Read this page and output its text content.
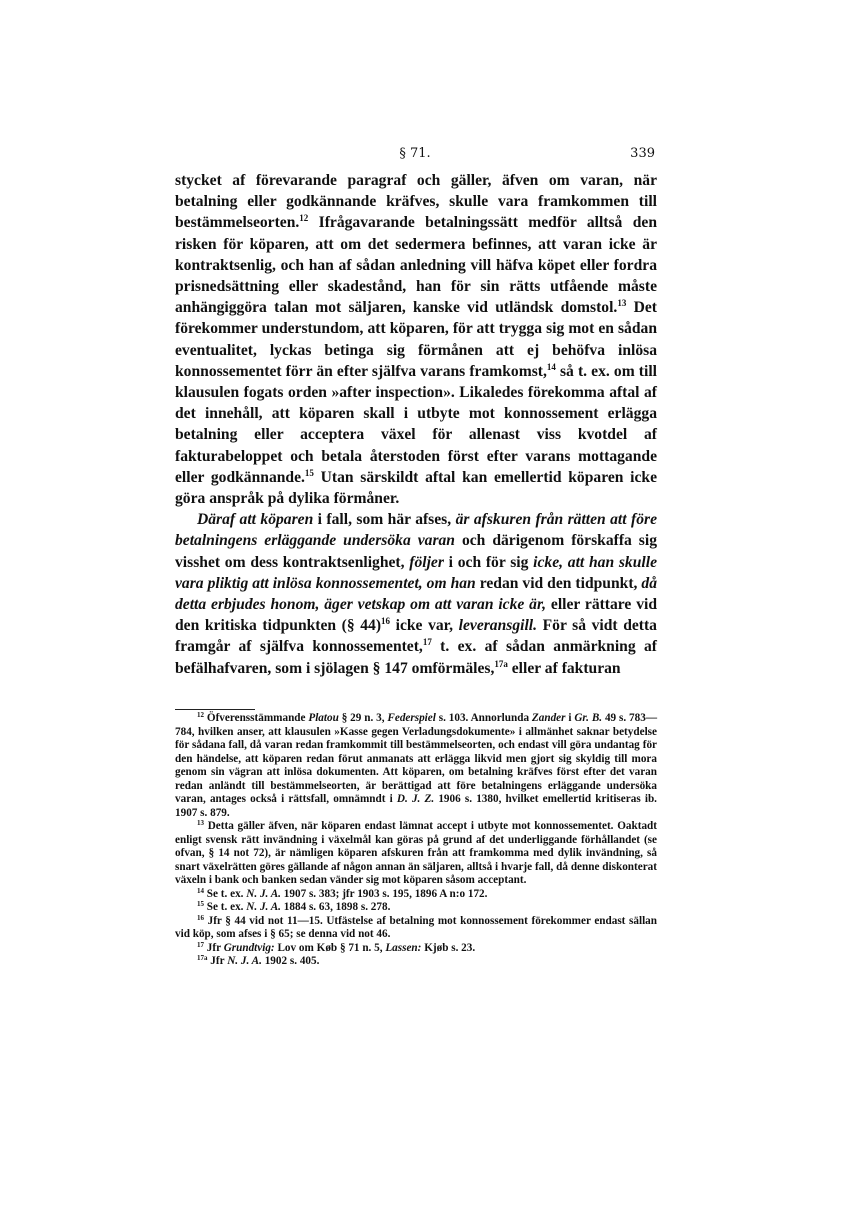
§ 71.	339

stycket af förevarande paragraf och gäller, äfven om varan, när betalning eller godkännande kräfves, skulle vara framkommen till bestämmelseorten.$^{12}$ Ifrågavarande betalningssätt medför alltså den risken för köparen, att om det sedermera befinnes, att varan icke är kontraktsenlig, och han af sådan anledning vill häfva köpet eller fordra prisnedsättning eller skadestånd, han för sin rätts utfående måste anhängiggöra talan mot säljaren, kanske vid utländsk domstol.$^{13}$ Det förekommer understundom, att köparen, för att trygga sig mot en sådan eventualitet, lyckas betinga sig förmånen att ej behöfva inlösa konnossementet förr än efter själfva varans framkomst,$^{14}$ så t. ex. om till klausulen fogats orden »after inspection». Likaledes förekomma aftal af det innehåll, att köparen skall i utbyte mot konnossement erlägga betalning eller acceptera växel för allenast viss kvotdel af fakturabeloppet och betala återstoden först efter varans mottagande eller godkännande.$^{15}$ Utan särskildt aftal kan emellertid köparen icke göra anspråk på dylika förmåner.

Däraf att köparen i fall, som här afses, är afskuren från rätten att före betalningens erläggande undersöka varan och därigenom förskaffa sig visshet om dess kontraktsenlighet, följer i och för sig icke, att han skulle vara pliktig att inlösa konnossementet, om han redan vid den tidpunkt, då detta erbjudes honom, äger vetskap om att varan icke är, eller rättare vid den kritiska tidpunkten (§ 44)$^{16}$ icke var, leveransgill. För så vidt detta framgår af själfva konnossementet,$^{17}$ t. ex. af sådan anmärkning af befälhafvaren, som i sjölagen § 147 omförmäles,$^{17a}$ eller af fakturan

$^{12}$ Öfverensstämmande Platou § 29 n. 3, Federspiel s. 103. Annorlunda Zander i Gr. B. 49 s. 783—784, hvilken anser, att klausulen »Kasse gegen Verladungsdokumente» i allmänhet saknar betydelse för sådana fall, då varan redan framkommit till bestämmelseorten, och endast vill göra undantag för den händelse, att köparen redan förut anmanats att erlägga likvid men gjort sig skyldig till mora genom sin vägran att inlösa dokumenten. Att köparen, om betalning kräfves först efter det varan redan anländt till bestämmelseorten, är berättigad att före betalningens erläggande undersöka varan, antages också i rättsfall, omnämndt i D. J. Z. 1906 s. 1380, hvilket emellertid kritiseras ib. 1907 s. 879.

$^{13}$ Detta gäller äfven, när köparen endast lämnat accept i utbyte mot konnossementet. Oaktadt enligt svensk rätt invändning i växelmål kan göras på grund af det underliggande förhållandet (se ofvan, § 14 not 72), är nämligen köparen afskuren från att framkomma med dylik invändning, så snart växelrätten göres gällande af någon annan än säljaren, alltså i hvarje fall, då denne diskonterat växeln i bank och banken sedan vänder sig mot köparen såsom acceptant.

$^{14}$ Se t. ex. N. J. A. 1907 s. 383; jfr 1903 s. 195, 1896 A n:o 172.

$^{15}$ Se t. ex. N. J. A. 1884 s. 63, 1898 s. 278.

$^{16}$ Jfr § 44 vid not 11—15. Utfästelse af betalning mot konnossement förekommer endast sällan vid köp, som afses i § 65; se denna vid not 46.

$^{17}$ Jfr Grundtvig: Lov om Køb § 71 n. 5, Lassen: Kjøb s. 23.

$^{17a}$ Jfr N. J. A. 1902 s. 405.
